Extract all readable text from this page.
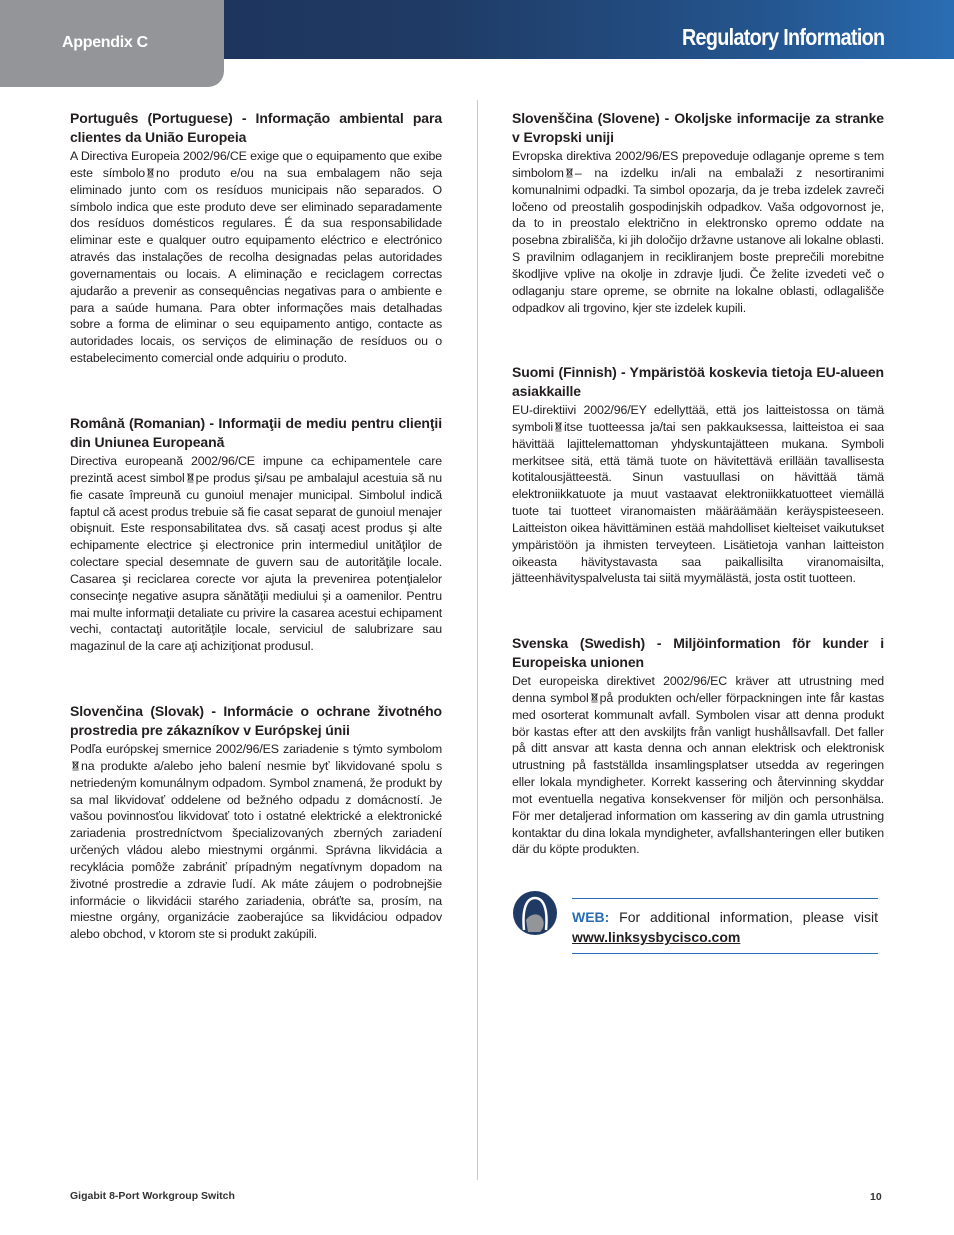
Appendix C	Regulatory Information
Português (Portuguese) - Informação ambiental para clientes da União Europeia

A Directiva Europeia 2002/96/CE exige que o equipamento que exibe este símbolo no produto e/ou na sua embalagem não seja eliminado junto com os resíduos municipais não separados. O símbolo indica que este produto deve ser eliminado separadamente dos resíduos domésticos regulares. É da sua responsabilidade eliminar este e qualquer outro equipamento eléctrico e electrónico através das instalações de recolha designadas pelas autoridades governamentais ou locais. A eliminação e reciclagem correctas ajudarão a prevenir as consequências negativas para o ambiente e para a saúde humana. Para obter informações mais detalhadas sobre a forma de eliminar o seu equipamento antigo, contacte as autoridades locais, os serviços de eliminação de resíduos ou o estabelecimento comercial onde adquiriu o produto.

Română (Romanian) - Informaţii de mediu pentru clienţii din Uniunea Europeană

Directiva europeană 2002/96/CE impune ca echipamentele care prezintă acest simbol pe produs şi/sau pe ambalajul acestuia să nu fie casate împreună cu gunoiul menajer municipal. Simbolul indică faptul că acest produs trebuie să fie casat separat de gunoiul menajer obişnuit. Este responsabilitatea dvs. să casaţi acest produs şi alte echipamente electrice şi electronice prin intermediul unităţilor de colectare special desemnate de guvern sau de autorităţile locale. Casarea şi reciclarea corecte vor ajuta la prevenirea potenţialelor consecinţe negative asupra sănătăţii mediului şi a oamenilor. Pentru mai multe informaţii detaliate cu privire la casarea acestui echipament vechi, contactaţi autorităţile locale, serviciul de salubrizare sau magazinul de la care aţi achiziţionat produsul.

Slovenčina (Slovak) - Informácie o ochrane životného prostredia pre zákazníkov v Európskej únii

Podľa európskej smernice 2002/96/ES zariadenie s týmto symbolomna produkte a/alebo jeho balení nesmie byť likvidované spolu s netriedeným komunálnym odpadom. Symbol znamená, že produkt by sa mal likvidovať oddelene od bežného odpadu z domácností. Je vašou povinnosťou likvidovať toto i ostatné elektrické a elektronické zariadenia prostredníctvom špecializovaných zberných zariadení určených vládou alebo miestnymi orgánmi. Správna likvidácia a recyklácia pomôže zabrániť prípadným negatívnym dopadom na životné prostredie a zdravie ľudí. Ak máte záujem o podrobnejšie informácie o likvidácii starého zariadenia, obráťte sa, prosím, na miestne orgány, organizácie zaoberajúce sa likvidáciou odpadov alebo obchod, v ktorom ste si produkt zakúpili.

Slovenščina (Slovene) - Okoljske informacije za stranke v Evropski uniji

Evropska direktiva 2002/96/ES prepoveduje odlaganje opreme s tem simbolom – na izdelku in/ali na embalaži z nesortiranimi komunalnimi odpadki. Ta simbol opozarja, da je treba izdelek zavreči ločeno od preostalih gospodinjskih odpadkov. Vaša odgovornost je, da to in preostalo električno in elektronsko opremo oddate na posebna zbirališča, ki jih določijo državne ustanove ali lokalne oblasti. S pravilnim odlaganjem in recikliranjem boste preprečili morebitne škodljive vplive na okolje in zdravje ljudi. Če želite izvedeti več o odlaganju stare opreme, se obrnite na lokalne oblasti, odlagališče odpadkov ali trgovino, kjer ste izdelek kupili.

Suomi (Finnish) - Ympäristöä koskevia tietoja EU-alueen asiakkaille

EU-direktiivi 2002/96/EY edellyttää, että jos laitteistossa on tämä symboli itse tuotteessa ja/tai sen pakkauksessa, laitteistoa ei saa hävittää lajittelemattoman yhdyskuntajätteen mukana. Symboli merkitsee sitä, että tämä tuote on hävitettävä erillään tavallisesta kotitalousjätteestä. Sinun vastuullasi on hävittää tämä elektroniikkatuote ja muut vastaavat elektroniikkatuotteet viemällä tuote tai tuotteet viranomaisten määräämään keräyspisteeseen. Laitteiston oikea hävittäminen estää mahdolliset kielteiset vaikutukset ympäristöön ja ihmisten terveyteen. Lisätietoja vanhan laitteiston oikeasta hävitystavasta saa paikallisilta viranomaisilta, jätteenhävityspalvelusta tai siitä myymälästä, josta ostit tuotteen.

Svenska (Swedish) - Miljöinformation för kunder i Europeiska unionen

Det europeiska direktivet 2002/96/EC kräver att utrustning med denna symbol på produkten och/eller förpackningen inte får kastas med osorterat kommunalt avfall. Symbolen visar att denna produkt bör kastas efter att den avskiljts från vanligt hushållsavfall. Det faller på ditt ansvar att kasta denna och annan elektrisk och elektronisk utrustning på fastställda insamlingsplatser utsedda av regeringen eller lokala myndigheter. Korrekt kassering och återvinning skyddar mot eventuella negativa konsekvenser för miljön och personhälsa. För mer detaljerad information om kassering av din gamla utrustning kontaktar du dina lokala myndigheter, avfallshanteringen eller butiken där du köpte produkten.

WEB: For additional information, please visit www.linksysbycisco.com
Gigabit 8-Port Workgroup Switch	10
